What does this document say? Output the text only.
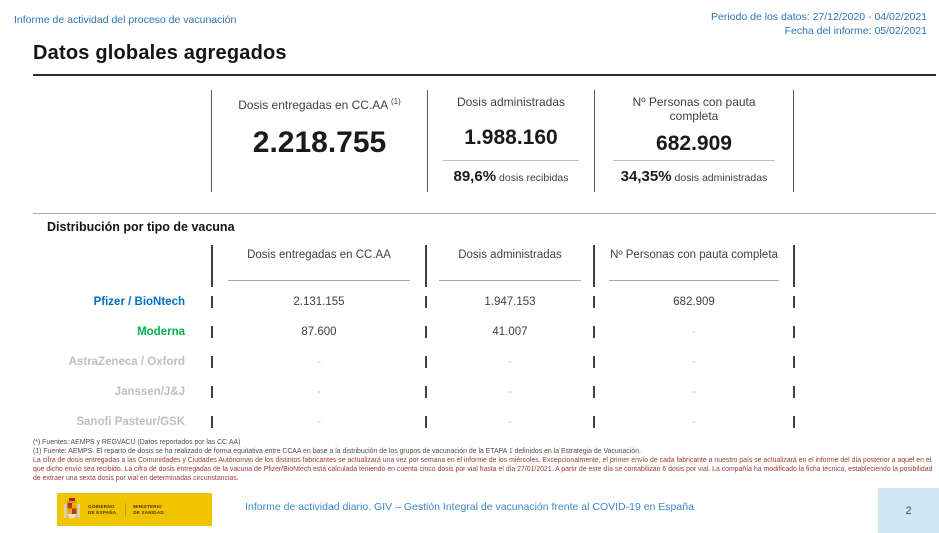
Informe de actividad del proceso de vacunación	Periodo de los datos: 27/12/2020 - 04/02/2021
Fecha del informe: 05/02/2021
Datos globales agregados
Dosis entregadas en CC.AA $^{(1)}$
2.218.755
Dosis administradas
1.988.160
89,6% dosis recibidas
Nº Personas con pauta completa
682.909
34,35% dosis administradas
Distribución por tipo de vacuna
Dosis entregadas en CC.AA	Dosis administradas	Nº Personas con pauta completa
Pfizer / BioNtech	2.131.155	1.947.153	682.909
Moderna	87.600	41.007	-
AstraZeneca / Oxford	-	-	-
Janssen/J&J	-	-	-
Sanofi Pasteur/GSK	-	-	-
(*) Fuentes: AEMPS y REGVACU (Datos reportados por las CC.AA)
(1) Fuente: AEMPS. El reparto de dosis se ha realizado de forma equitativa entre CCAA en base a la distribución de los grupos de vacunación de la ETAPA 1 definidos en la Estrategia de Vacunación.
La cifra de dosis entregadas a las Comunidades y Ciudades Autónomas de los distintos fabricantes se actualizará una vez por semana en el informe de los miércoles. Excepcionalmente, el primer envío de cada fabricante a nuestro país se actualizará en el informe del día posterior a aquel en el que dicho envío sea recibido. La cifra de dosis entregadas de la vacuna de Pfizer/BioNtech está calculada teniendo en cuenta cinco dosis por vial hasta el día 27/01/2021. A partir de este día se contabilizan 6 dosis por vial. La compañía ha modificado la ficha técnica, estableciendo la posibilidad de extraer una sexta dosis por vial en determinadas circunstancias.
GOBIERNO
DE ESPAÑA
MINISTERIO
DE SANIDAD	Informe de actividad diario. GIV – Gestión Integral de vacunación frente al COVID-19 en España	2
